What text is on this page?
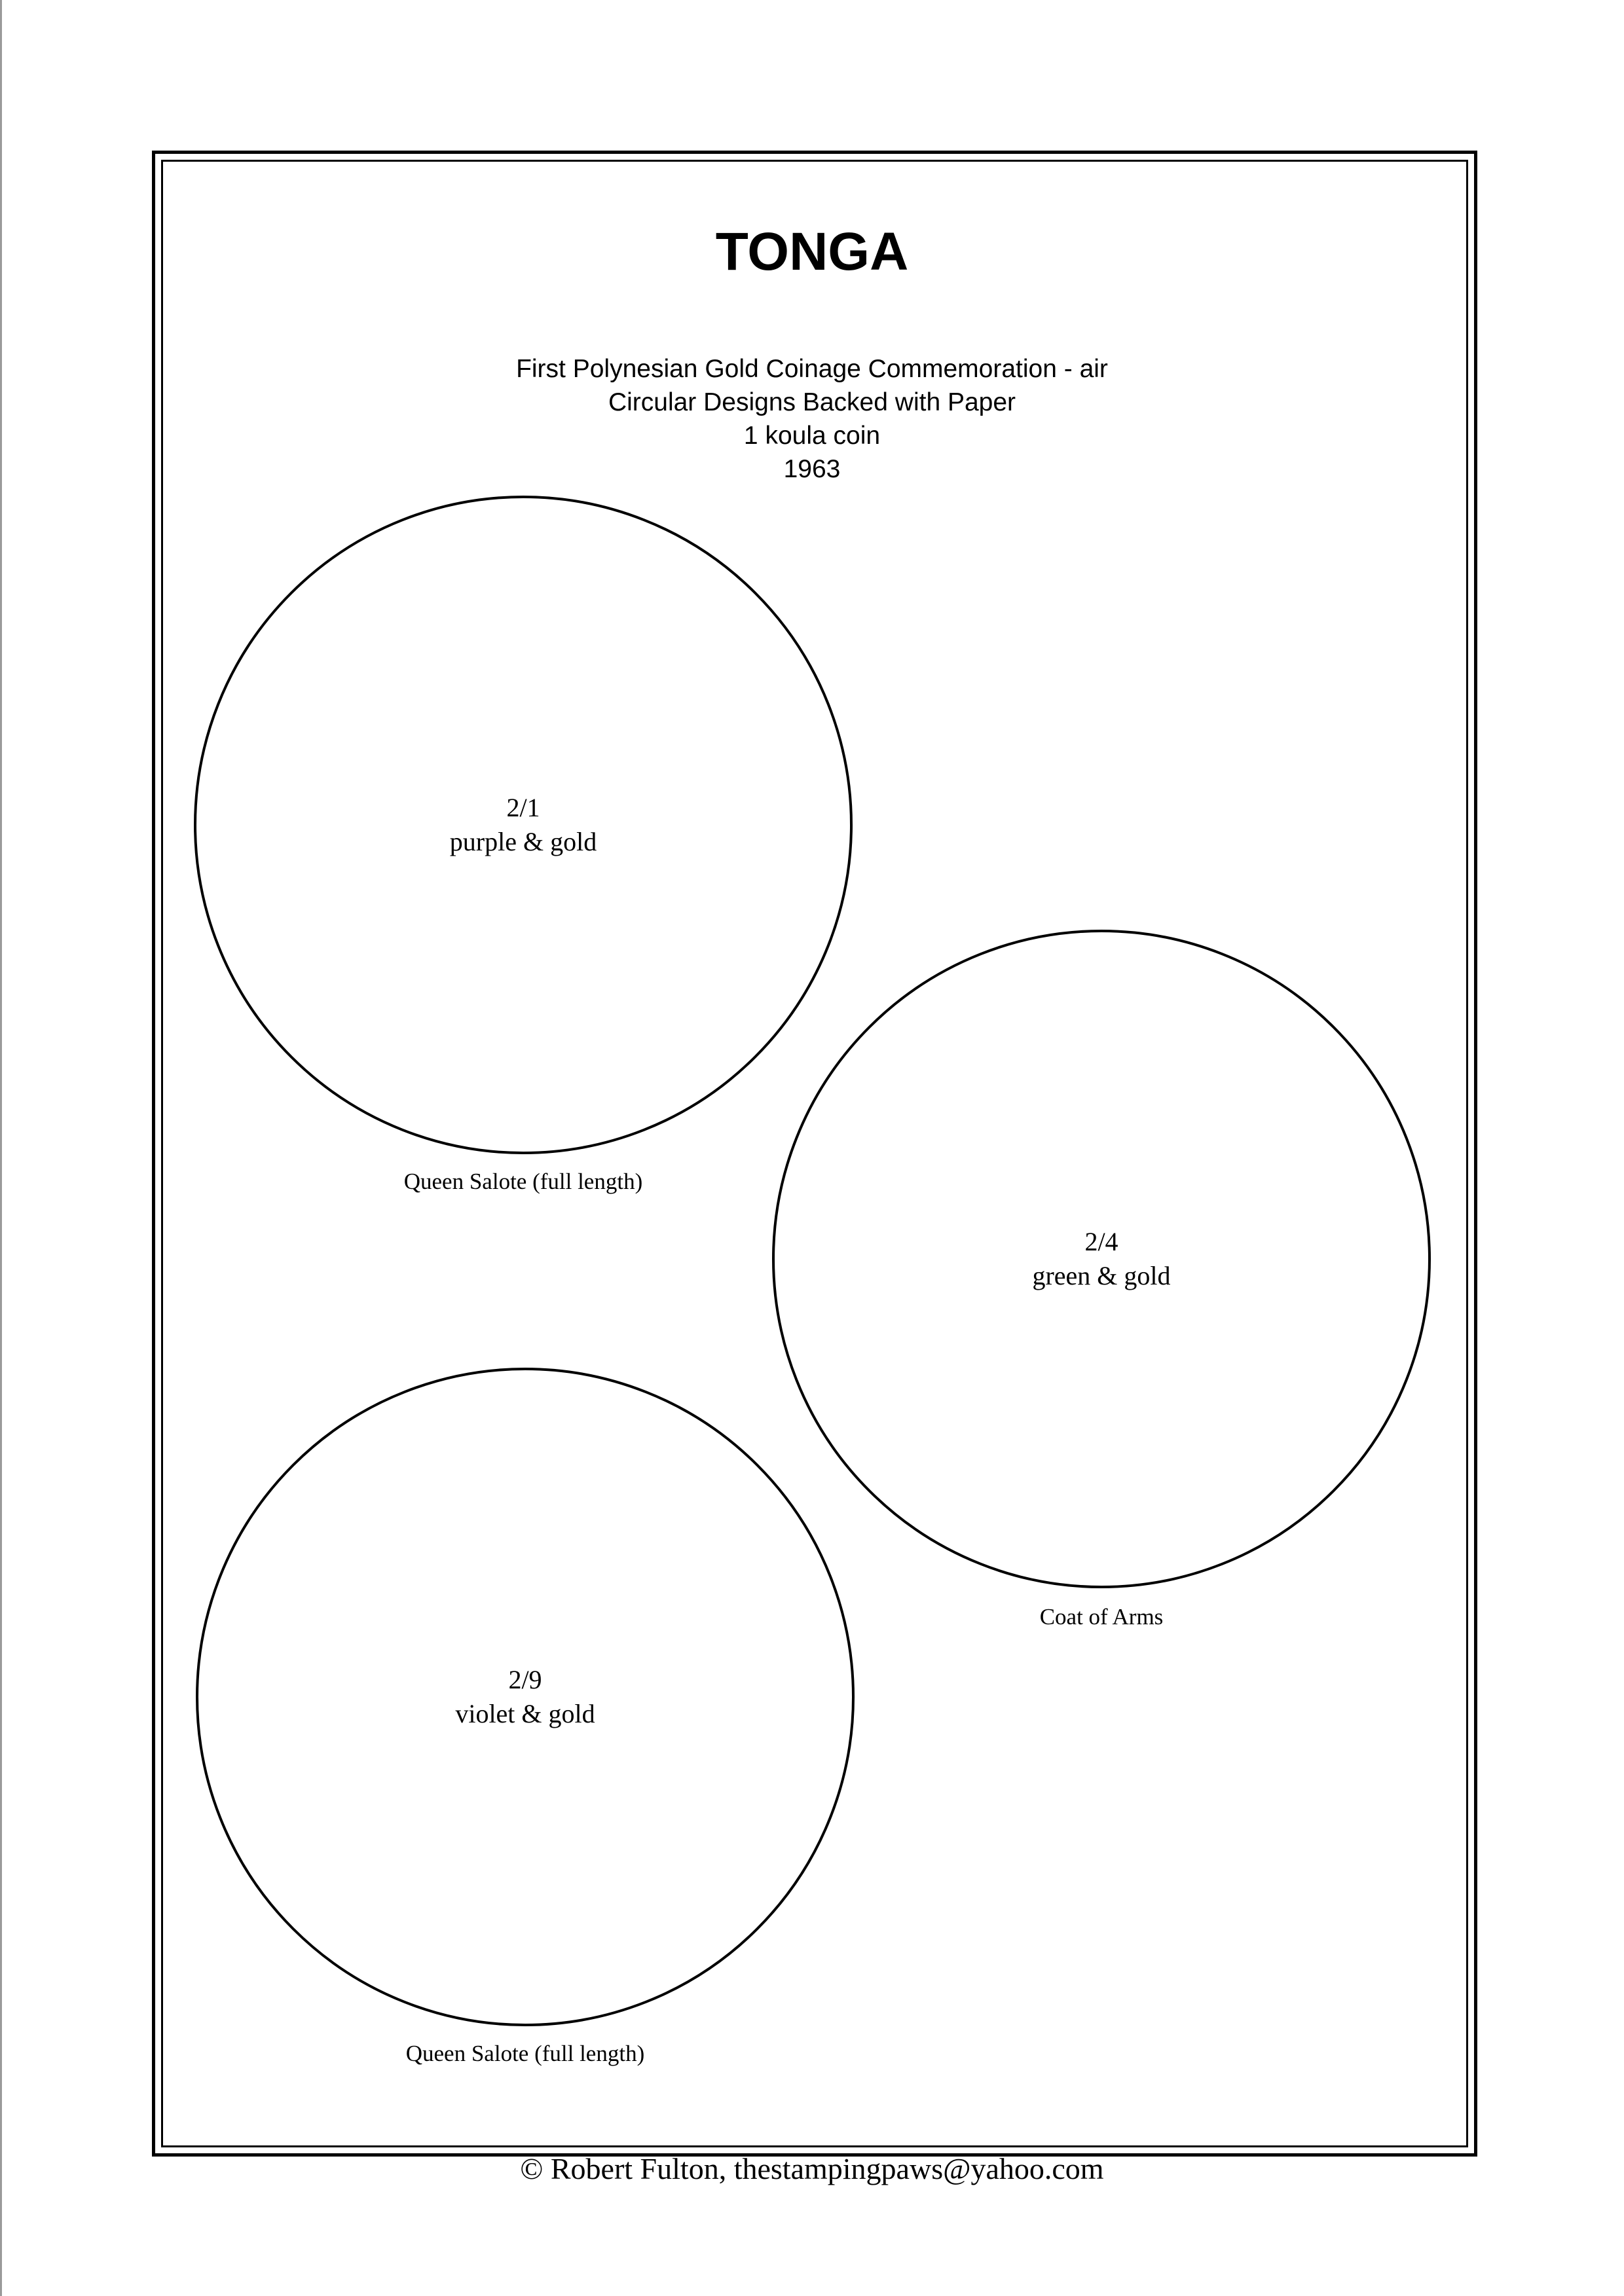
TONGA
First Polynesian Gold Coinage Commemoration - air
Circular Designs Backed with Paper
1 koula coin
1963
2/1
purple & gold
Queen Salote (full length)
2/4
green & gold
Coat of Arms
2/9
violet & gold
Queen Salote (full length)
© Robert Fulton, thestampingpaws@yahoo.com
